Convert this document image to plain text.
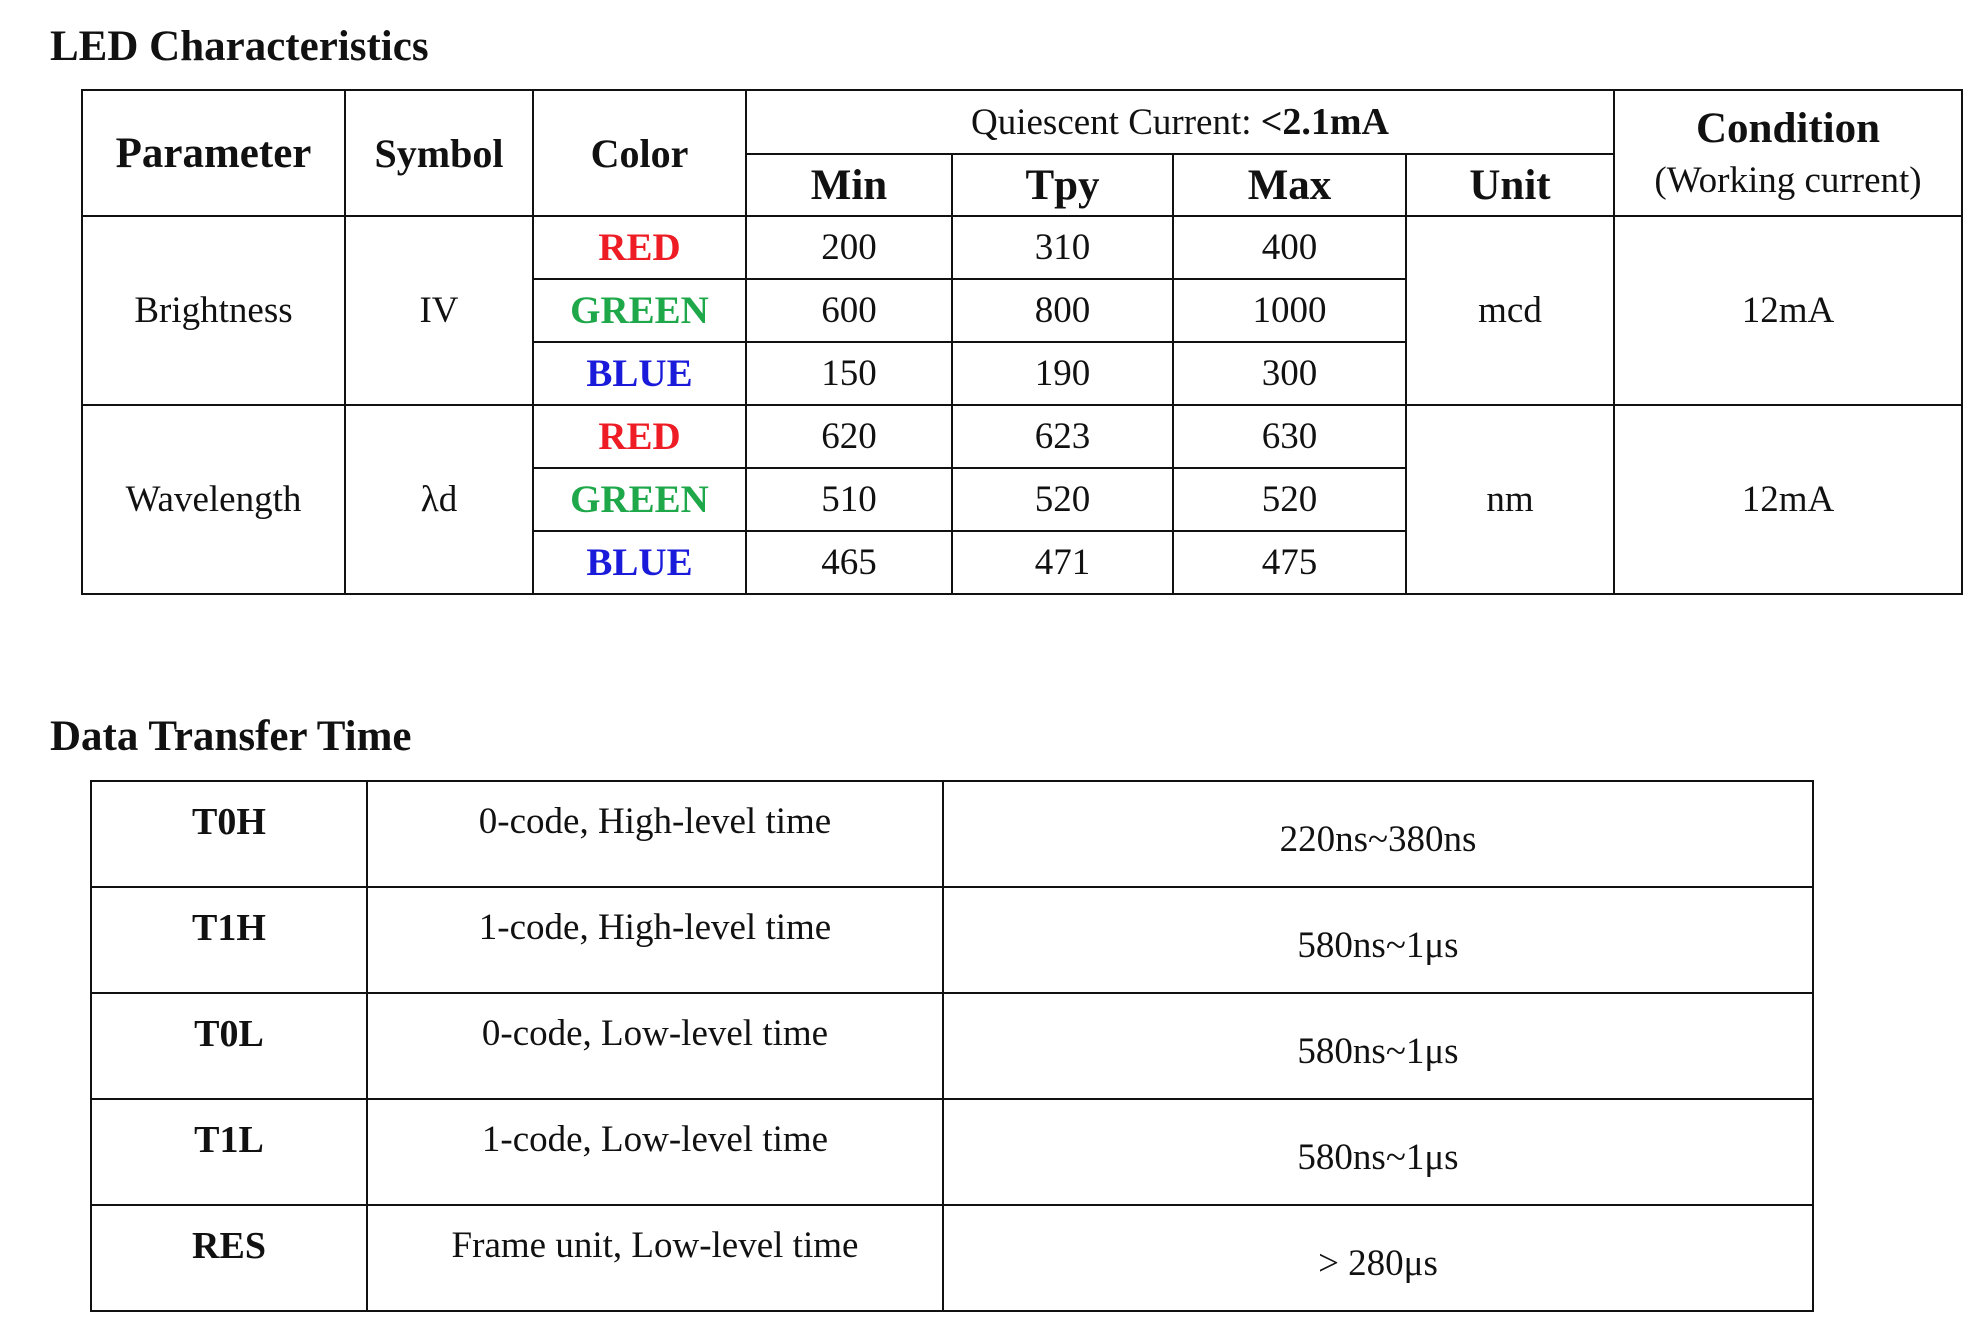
LED Characteristics
Parameter	Symbol	Color	Quiescent Current: <2.1mA				Condition
(Working current)

			Min	Tpy	Max	Unit	
Brightness	IV	RED	200	310	400	mcd	12mA
		GREEN	600	800	1000		
		BLUE	150	190	300		
Wavelength	λd	RED	620	623	630	nm	12mA
		GREEN	510	520	520		
		BLUE	465	471	475		
Data Transfer Time
T0H	0-code, High-level time	220ns~380ns
T1H	1-code, High-level time	580ns~1μs
T0L	0-code, Low-level time	580ns~1μs
T1L	1-code, Low-level time	580ns~1μs
RES	Frame unit, Low-level time	> 280μs
